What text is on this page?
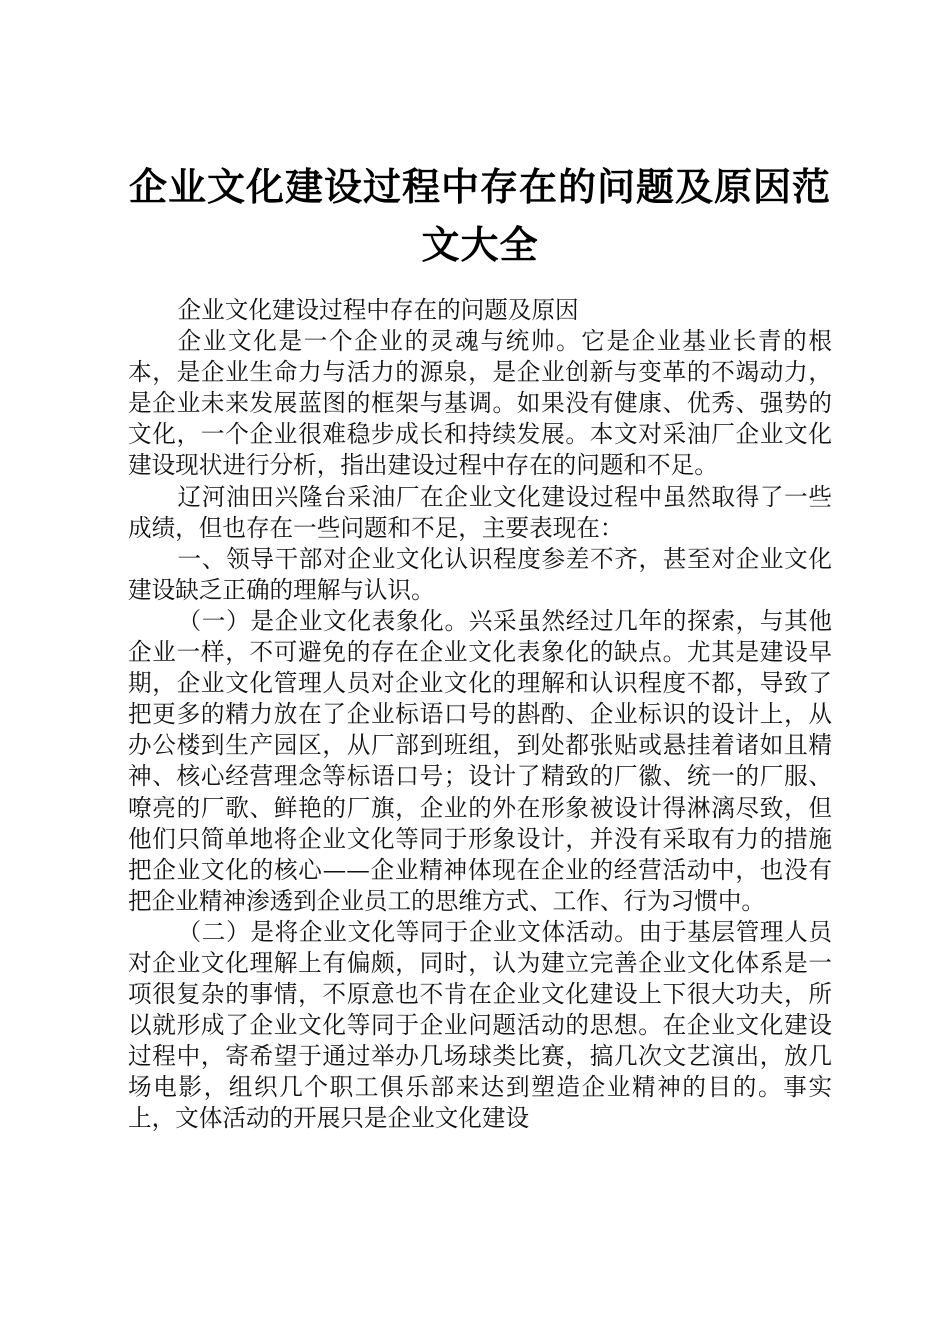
企业文化建设过程中存在的问题及原因范文大全

企业文化建设过程中存在的问题及原因

企业文化是一个企业的灵魂与统帅。它是企业基业长青的根本，是企业生命力与活力的源泉，是企业创新与变革的不竭动力，是企业未来发展蓝图的框架与基调。如果没有健康、优秀、强势的文化，一个企业很难稳步成长和持续发展。本文对采油厂企业文化建设现状进行分析，指出建设过程中存在的问题和不足。

辽河油田兴隆台采油厂在企业文化建设过程中虽然取得了一些成绩，但也存在一些问题和不足，主要表现在：

一、领导干部对企业文化认识程度参差不齐，甚至对企业文化建设缺乏正确的理解与认识。

（一）是企业文化表象化。兴采虽然经过几年的探索，与其他企业一样，不可避免的存在企业文化表象化的缺点。尤其是建设早期，企业文化管理人员对企业文化的理解和认识程度不都，导致了把更多的精力放在了企业标语口号的斟酌、企业标识的设计上，从办公楼到生产园区，从厂部到班组，到处都张贴或悬挂着诸如且精神、核心经营理念等标语口号；设计了精致的厂徽、统一的厂服、嘹亮的厂歌、鲜艳的厂旗，企业的外在形象被设计得淋漓尽致，但他们只简单地将企业文化等同于形象设计，并没有采取有力的措施把企业文化的核心——企业精神体现在企业的经营活动中，也没有把企业精神渗透到企业员工的思维方式、工作、行为习惯中。

（二）是将企业文化等同于企业文体活动。由于基层管理人员对企业文化理解上有偏颇，同时，认为建立完善企业文化体系是一项很复杂的事情，不原意也不肯在企业文化建设上下很大功夫，所以就形成了企业文化等同于企业问题活动的思想。在企业文化建设过程中，寄希望于通过举办几场球类比赛，搞几次文艺演出，放几场电影，组织几个职工俱乐部来达到塑造企业精神的目的。事实上，文体活动的开展只是企业文化建设
